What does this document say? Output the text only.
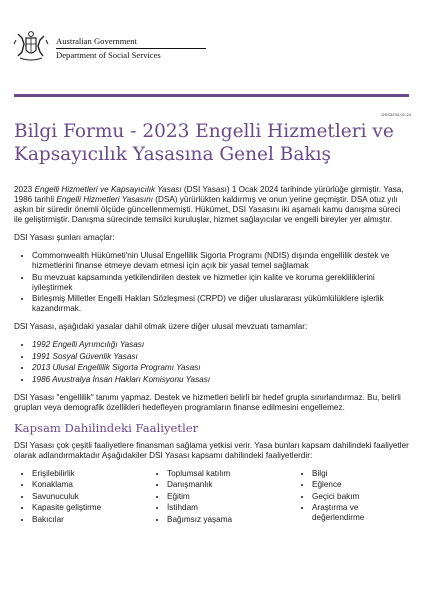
Australian Government
Department of Social Services
DSS3234.01.24
Bilgi Formu - 2023 Engelli Hizmetleri ve Kapsayıcılık Yasasına Genel Bakış

2023 Engelli Hizmetleri ve Kapsayıcılık Yasası (DSI Yasası) 1 Ocak 2024 tarihinde yürürlüğe girmiştir. Yasa, 1986 tarihli Engelli Hizmetleri Yasasını (DSA) yürürlükten kaldırmış ve onun yerine geçmiştir. DSA otuz yılı aşkın bir süredir önemli ölçüde güncellenmemişti. Hükümet, DSI Yasasını iki aşamalı kamu danışma süreci ile geliştirmiştir. Danışma sürecinde temsilci kuruluşlar, hizmet sağlayıcılar ve engelli bireyler yer almıştır.

DSI Yasası şunları amaçlar:

• Commonwealth Hükümeti'nin Ulusal Engellilik Sigorta Programı (NDIS) dışında engellilik destek ve hizmetlerini finanse etmeye devam etmesi için açık bir yasal temel sağlamak
• Bu mevzuat kapsamında yetkilendirilen destek ve hizmetler için kalite ve koruma gerekliliklerini iyileştirmek
• Birleşmiş Milletler Engelli Hakları Sözleşmesi (CRPD) ve diğer uluslararası yükümlülüklere işlerlik kazandırmak.

DSI Yasası, aşağıdaki yasalar dahil olmak üzere diğer ulusal mevzuatı tamamlar:

• 1992 Engelli Ayrımcılığı Yasası
• 1991 Sosyal Güvenlik Yasası
• 2013 Ulusal Engellilik Sigorta Programı Yasası
• 1986 Avustralya İnsan Hakları Komisyonu Yasası

DSI Yasası "engellilik" tanımı yapmaz. Destek ve hizmetleri belirli bir hedef grupla sınırlandırmaz. Bu, belirli grupları veya demografik özellikleri hedefleyen programların finanse edilmesini engellemez.

Kapsam Dahilindeki Faaliyetler

DSI Yasası çok çeşitli faaliyetlere finansman sağlama yetkisi verir. Yasa bunları kapsam dahilindeki faaliyetler olarak adlandırmaktadır Aşağıdakiler DSI Yasası kapsamı dahilindeki faaliyetlerdir:

• Erişilebilirlik
• Konaklama
• Savunuculuk
• Kapasite geliştirme
• Bakıcılar
• Toplumsal katılım
• Danışmanlık
• Eğitim
• İstihdam
• Bağımsız yaşama
• Bilgi
• Eğlence
• Geçici bakım
• Araştırma ve değerlendirme
